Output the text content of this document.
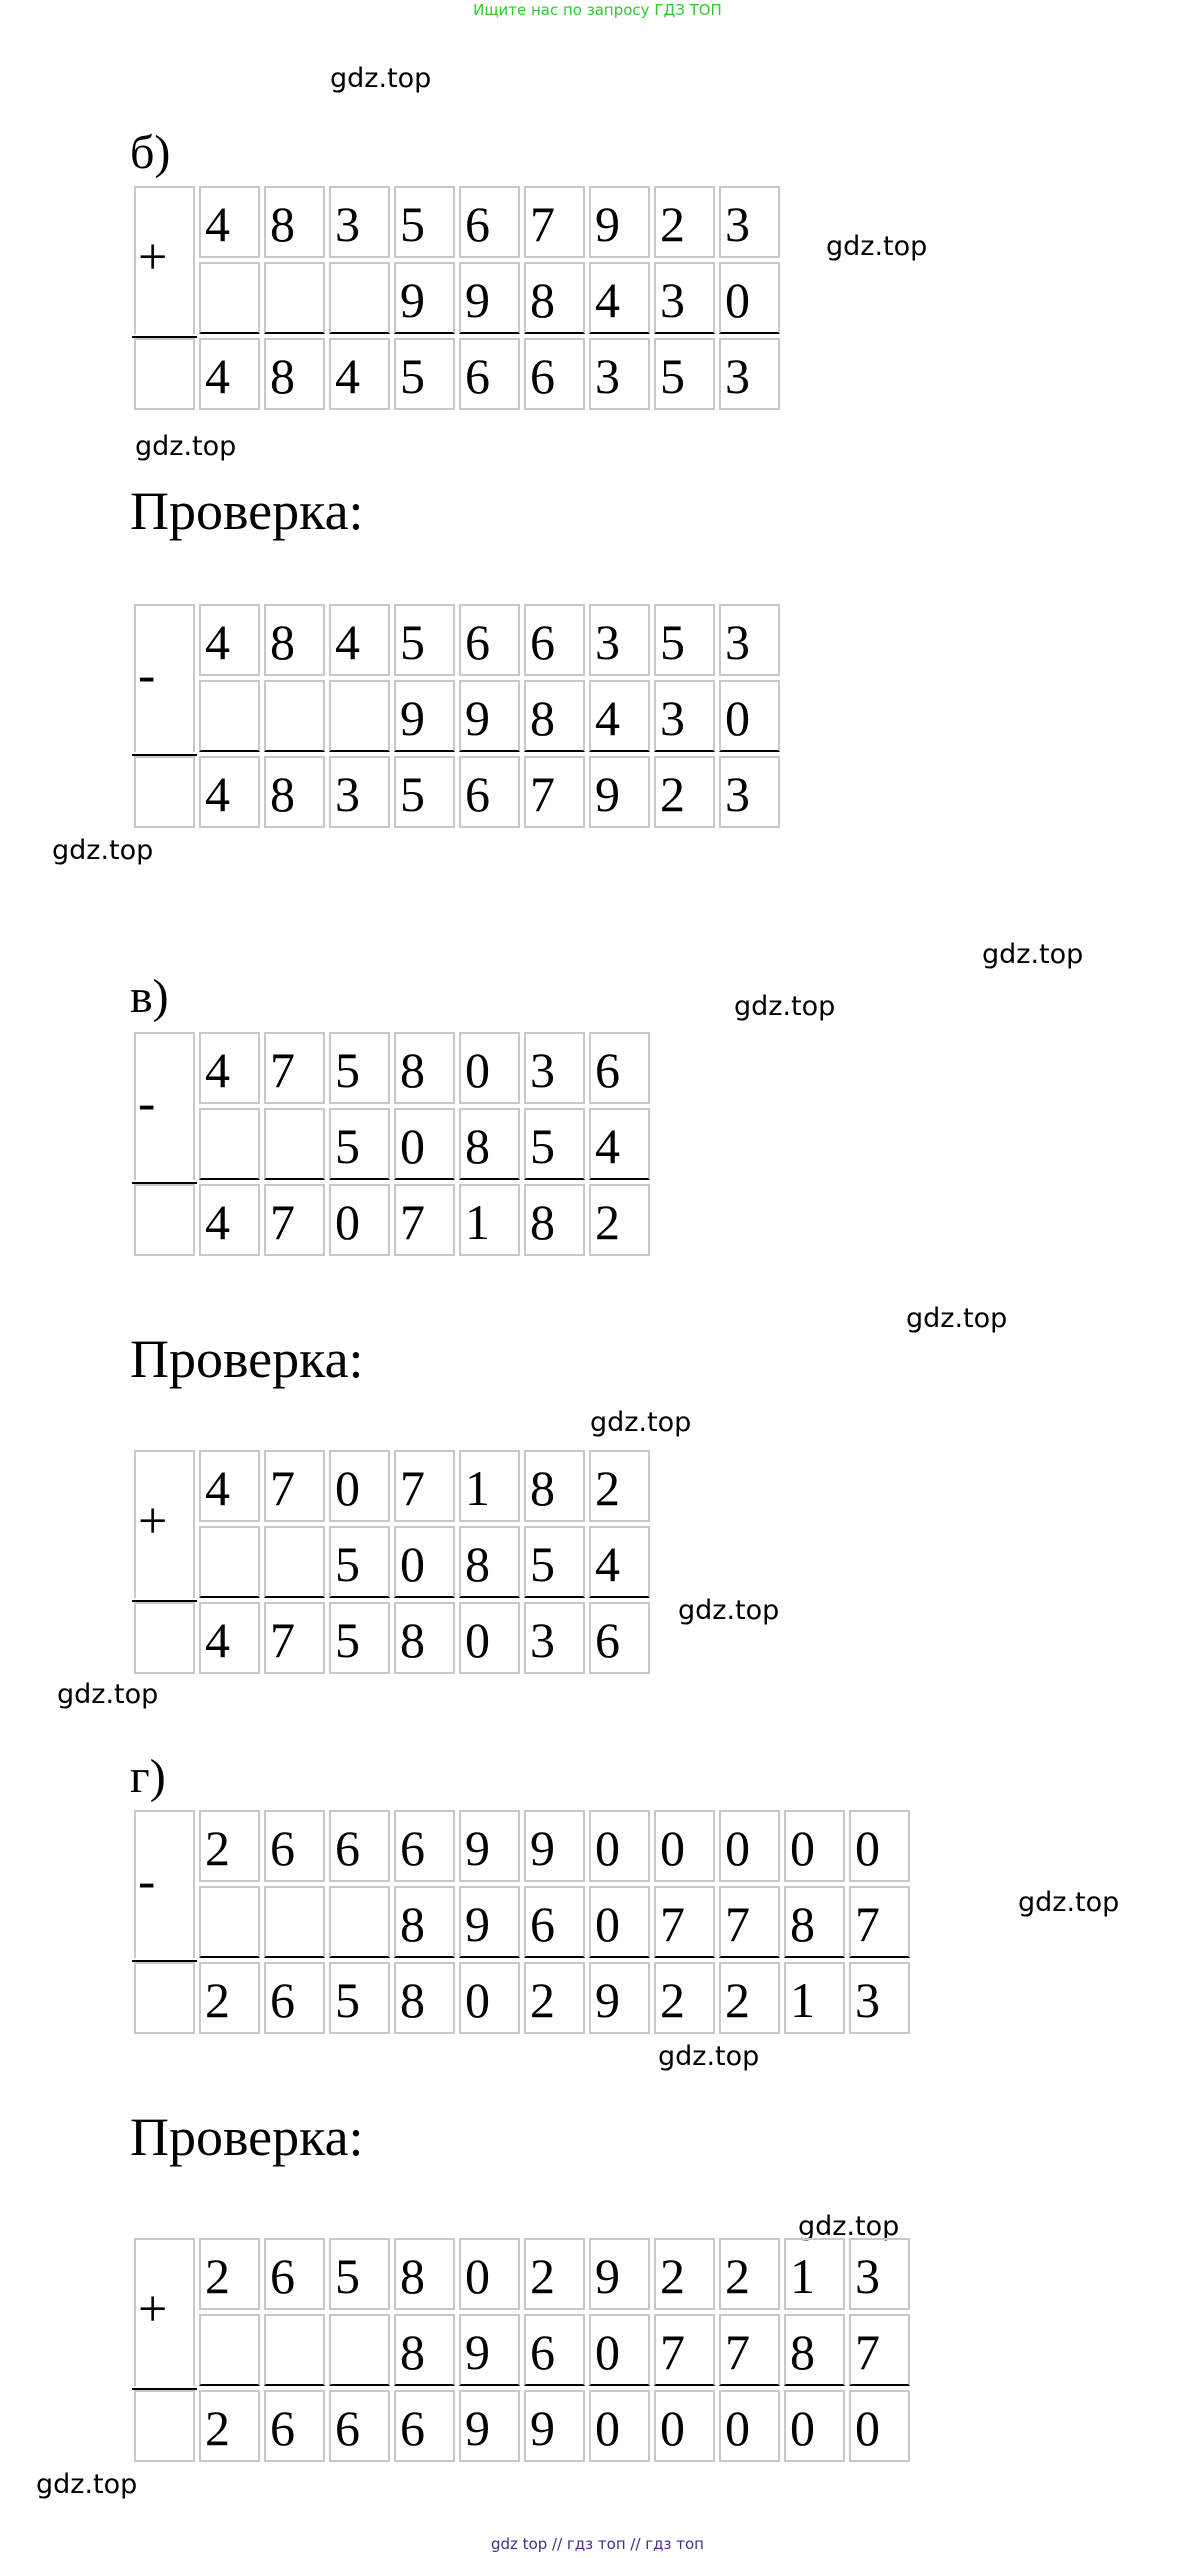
Ищите нас по запросу ГДЗ ТОП
gdz.top
gdz.top
gdz.top
gdz.top
gdz.top
gdz.top
gdz.top
gdz.top
gdz.top
gdz.top
gdz.top
gdz.top
gdz.top
gdz.top
б)
Проверка:
в)
Проверка:
г)
Проверка:
+
4 8 3 5 6 7 9 2 3
9 9 8 4 3 0
4 8 4 5 6 6 3 5 3
-
4 8 4 5 6 6 3 5 3
9 9 8 4 3 0
4 8 3 5 6 7 9 2 3
-
4 7 5 8 0 3 6
5 0 8 5 4
4 7 0 7 1 8 2
+
4 7 0 7 1 8 2
5 0 8 5 4
4 7 5 8 0 3 6
-
2 6 6 6 9 9 0 0 0 0 0
8 9 6 0 7 7 8 7
2 6 5 8 0 2 9 2 2 1 3
+
2 6 5 8 0 2 9 2 2 1 3
8 9 6 0 7 7 8 7
2 6 6 6 9 9 0 0 0 0 0
gdz top // гдз топ // гдз топ
